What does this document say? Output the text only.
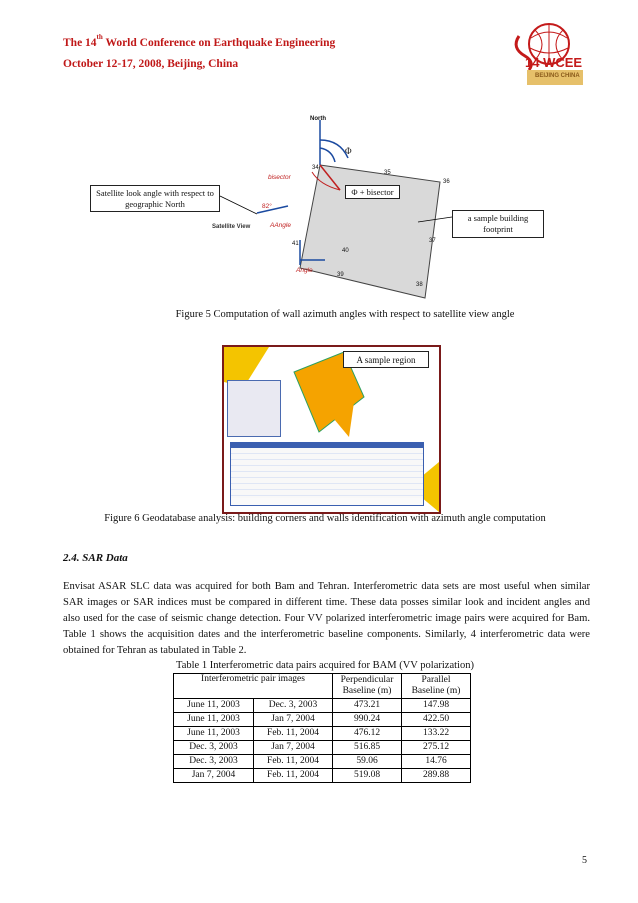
The 14th World Conference on Earthquake Engineering
October 12-17, 2008, Beijing, China	14 WCEE
BEIJING CHINA
North
Φ
bisector
82°
AAngle
Satellite View
Angle
34
35
36
37
38
39
40
41
Satellite look angle with respect to geographic North
Φ + bisector
a sample building footprint
Figure 5 Computation of wall azimuth angles with respect to satellite view angle
A sample region
Figure 6 Geodatabase analysis: building corners and walls identification with azimuth angle computation
2.4. SAR Data
Envisat ASAR SLC data was acquired for both Bam and Tehran. Interferometric data sets are most useful when similar SAR images or SAR indices must be compared in different time. These data posses similar look and incident angles and also used for the case of seismic change detection. Four VV polarized interferometric image pairs were acquired for Bam. Table 1 shows the acquisition dates and the interferometric baseline components. Similarly, 4 interferometric data were obtained for Tehran as tabulated in Table 2.
Table 1 Interferometric data pairs acquired for BAM (VV polarization)
Interferometric pair images		Perpendicular Baseline (m)	Parallel Baseline (m)
June 11, 2003	Dec. 3, 2003	473.21	147.98
June 11, 2003	Jan 7, 2004	990.24	422.50
June 11, 2003	Feb. 11, 2004	476.12	133.22
Dec. 3, 2003	Jan 7, 2004	516.85	275.12
Dec. 3, 2003	Feb. 11, 2004	59.06	14.76
Jan 7, 2004	Feb. 11, 2004	519.08	289.88
5
